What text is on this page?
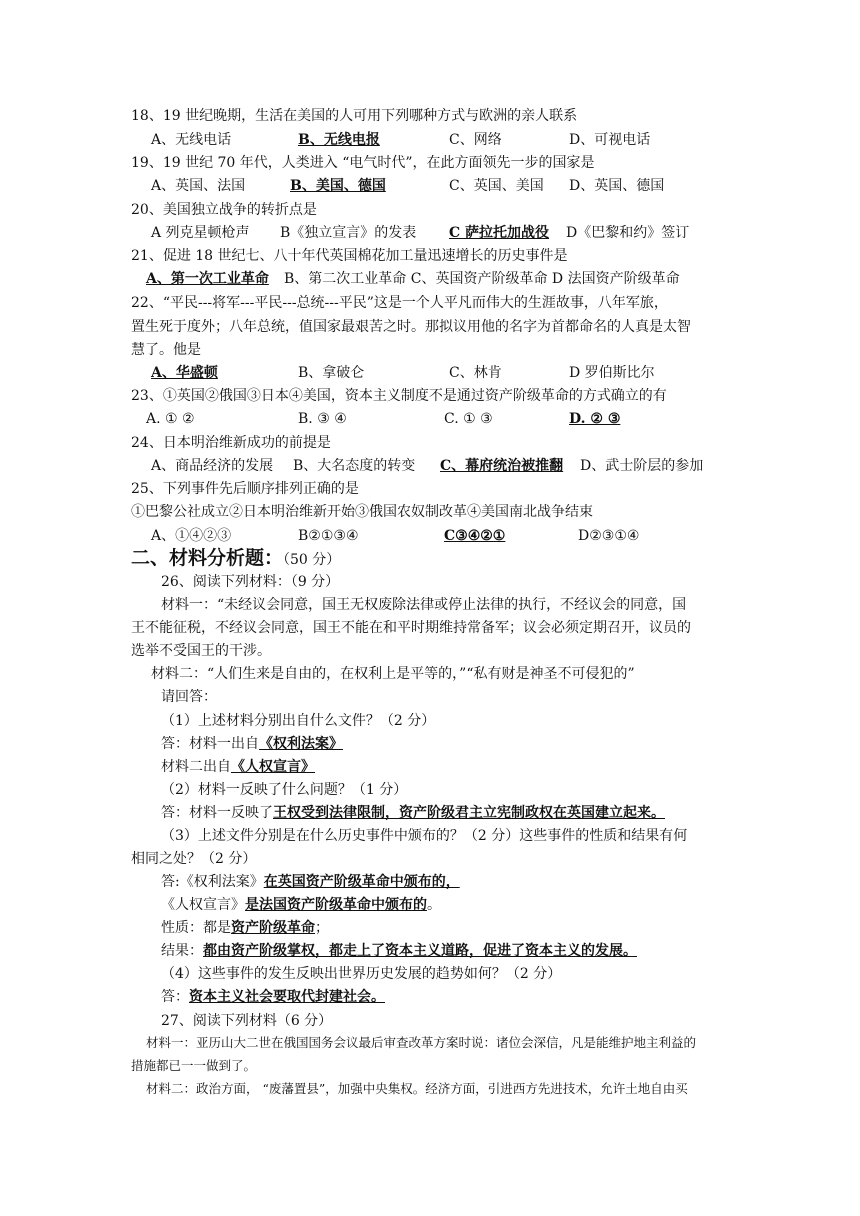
18、19 世纪晚期，生活在美国的人可用下列哪种方式与欧洲的亲人联系
A、无线电话	B、无线电报	C、网络	D、可视电话
19、19 世纪 70 年代，人类进入 “电气时代”，在此方面领先一步的国家是
A、英国、法国	B、美国、德国	C、英国、美国 D、英国、德国
20、美国独立战争的转折点是
A 列克星顿枪声 B《独立宣言》的发表 C 萨拉托加战役 D《巴黎和约》签订
21、促进 18 世纪七、八十年代英国棉花加工量迅速增长的历史事件是
A、第一次工业革命 B、第二次工业革命 C、英国资产阶级革命 D 法国资产阶级革命
22、“平民---将军---平民---总统---平民”这是一个人平凡而伟大的生涯故事，八年军旅，
置生死于度外；八年总统，值国家最艰苦之时。那拟议用他的名字为首都命名的人真是太智
慧了。他是
A、华盛顿	B、拿破仑	C、林肯	D 罗伯斯比尔
23、①英国②俄国③日本④美国，资本主义制度不是通过资产阶级革命的方式确立的有
A. ① ②	B. ③ ④	C. ① ③	D. ② ③
24、日本明治维新成功的前提是
A、商品经济的发展 B、大名态度的转变 C、幕府统治被推翻 D、武士阶层的参加
25、下列事件先后顺序排列正确的是
①巴黎公社成立②日本明治维新开始③俄国农奴制改革④美国南北战争结束
A、①④②③	B②①③④	C③④②①	D②③①④
二、材料分析题：（50 分）
26、阅读下列材料：（9 分）
材料一：“未经议会同意，国王无权废除法律或停止法律的执行，不经议会的同意，国
王不能征税，不经议会同意，国王不能在和平时期维持常备军；议会必须定期召开，议员的
选举不受国王的干涉。
材料二：“人们生来是自由的，在权利上是平等的，”“私有财是神圣不可侵犯的”
请回答：
（1）上述材料分别出自什么文件？（2 分）
答：材料一出自《权利法案》
材料二出自《人权宣言》
（2）材料一反映了什么问题？（1 分）
答：材料一反映了王权受到法律限制，资产阶级君主立宪制政权在英国建立起来。
（3）上述文件分别是在什么历史事件中颁布的？（2 分）这些事件的性质和结果有何
相同之处？（2 分）
答:《权利法案》在英国资产阶级革命中颁布的，
《人权宣言》是法国资产阶级革命中颁布的。
性质：都是资产阶级革命；
结果：都由资产阶级掌权，都走上了资本主义道路，促进了资本主义的发展。
（4）这些事件的发生反映出世界历史发展的趋势如何？（2 分）
答：资本主义社会要取代封建社会。
27、阅读下列材料（6 分）
材料一：亚历山大二世在俄国国务会议最后审查改革方案时说：诸位会深信，凡是能维护地主利益的
措施都已一一做到了。
材料二：政治方面， “废藩置县”，加强中央集权。经济方面，引进西方先进技术，允许土地自由买
